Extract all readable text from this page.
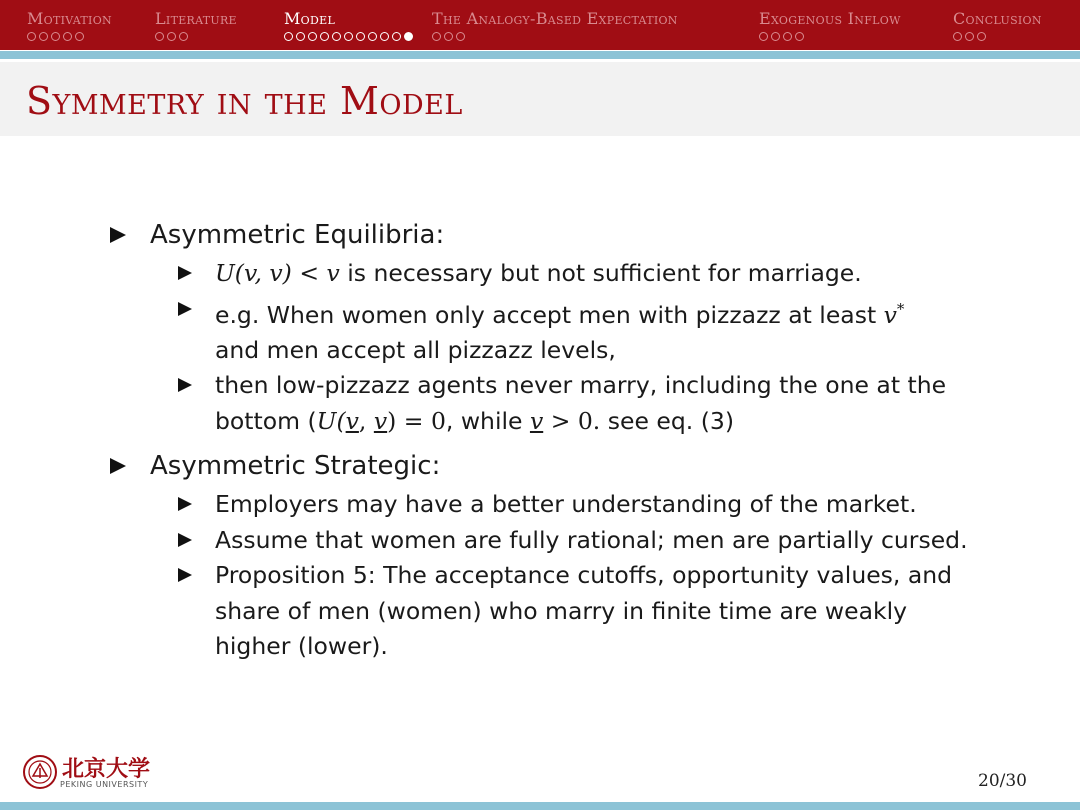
Motivation	Literature	Model	The Analogy-Based Expectation	Exogenous Inflow	Conclusion
Symmetry in the Model
Asymmetric Equilibria:
U(v, v) < v is necessary but not sufficient for marriage.
e.g. When women only accept men with pizzazz at least v*
and men accept all pizzazz levels,
then low-pizzazz agents never marry, including the one at the
bottom (U(v, v) = 0, while v > 0. see eq. (3)
Asymmetric Strategic:
Employers may have a better understanding of the market.
Assume that women are fully rational; men are partially cursed.
Proposition 5: The acceptance cutoffs, opportunity values, and
share of men (women) who marry in finite time are weakly
higher (lower).
北京大学
PEKING UNIVERSITY	20/30
